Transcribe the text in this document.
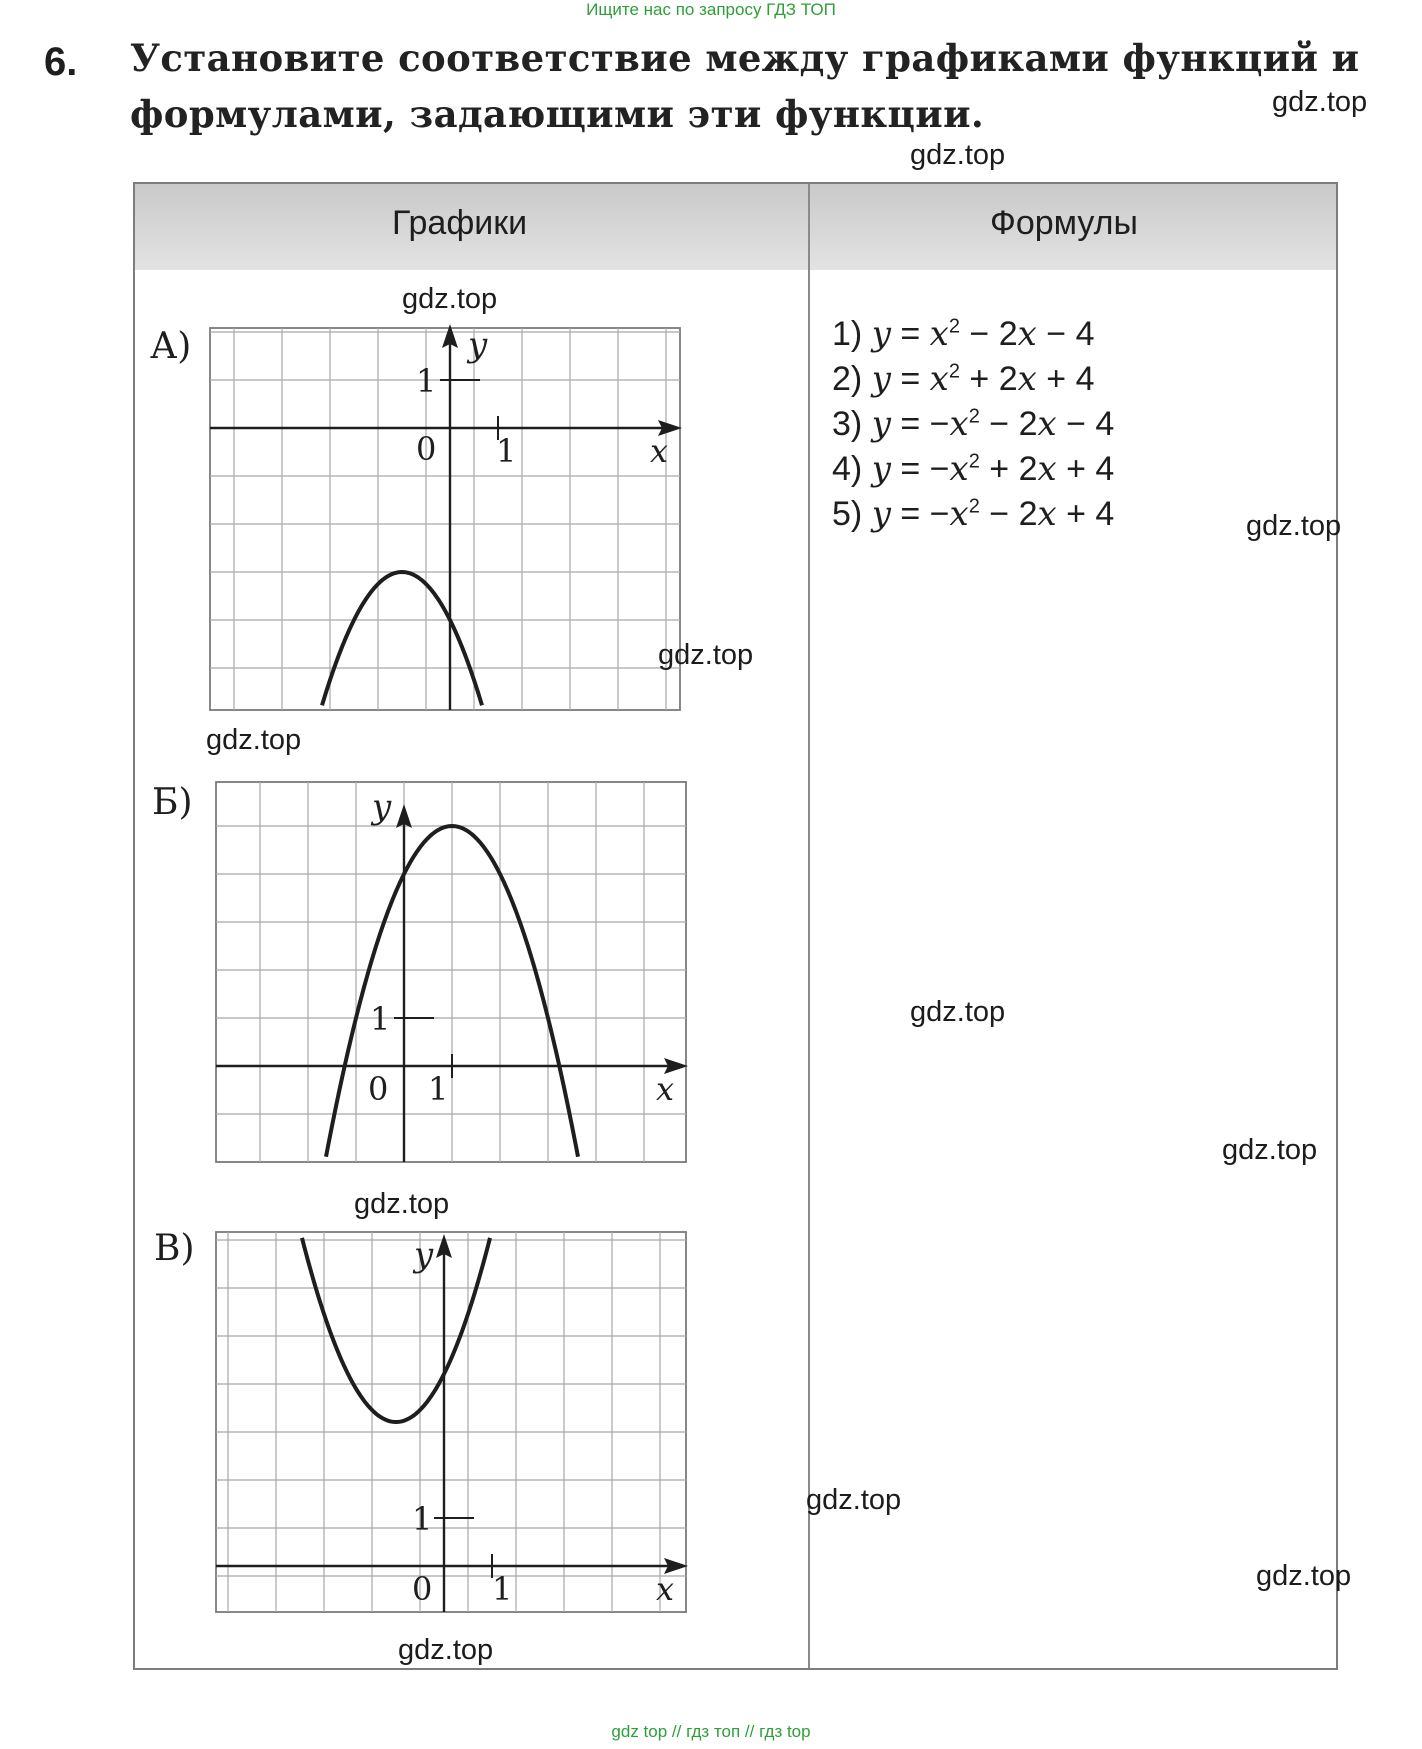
Ищите нас по запросу ГДЗ ТОП
6. Установите соответствие между графиками функций и
формулами, задающими эти функции.
Графики	Формулы
А)
Б)
В)
y
1
0 1	x
y
1
0 1	x
y
1
0 1	x
1) $y = x^2 - 2x - 4$
2) $y = x^2 + 2x + 4$
3) $y = -x^2 - 2x - 4$
4) $y = -x^2 + 2x + 4$
5) $y = -x^2 - 2x + 4$
gdz.top
gdz.top
gdz.top
gdz.top
gdz.top
gdz.top
gdz.top
gdz.top
gdz.top
gdz.top
gdz.top
gdz.top
gdz top // гдз топ // гдз top
